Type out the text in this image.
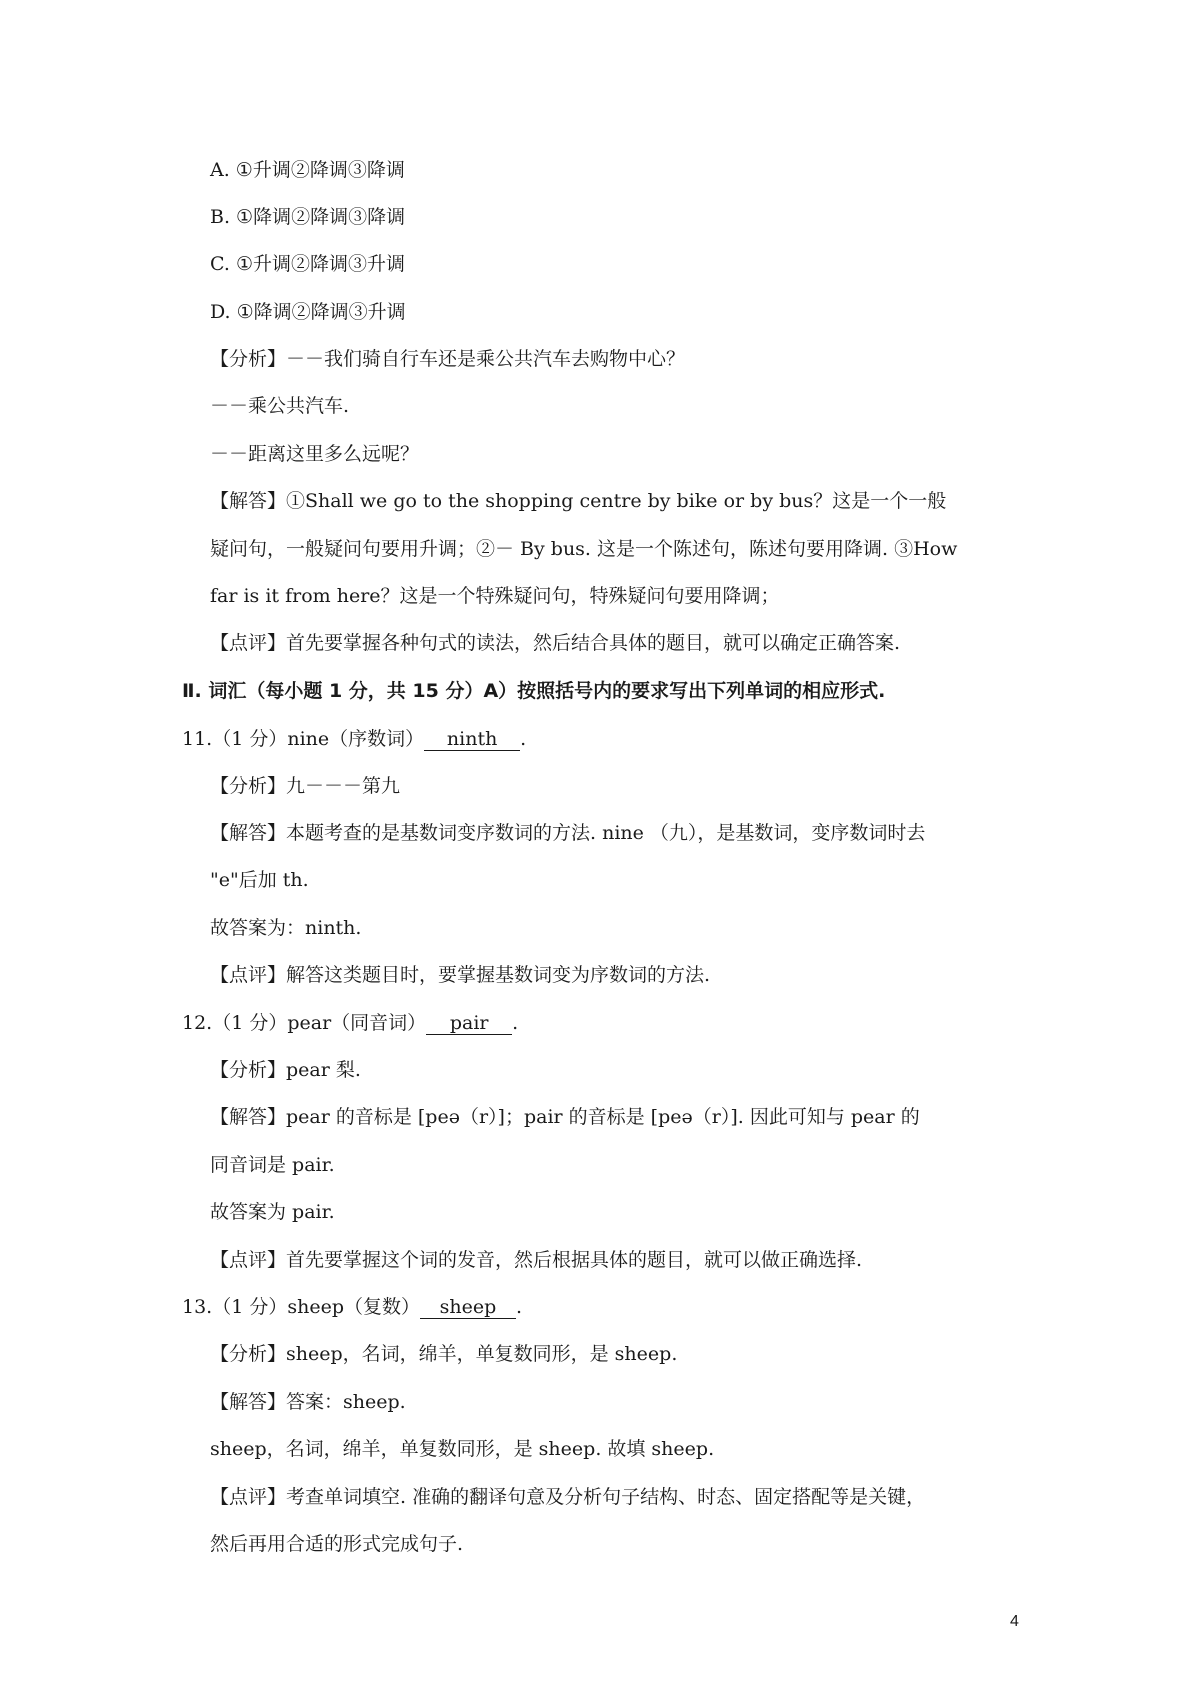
A. ①升调②降调③降调
B. ①降调②降调③降调
C. ①升调②降调③升调
D. ①降调②降调③升调
【分析】－－我们骑自行车还是乘公共汽车去购物中心？
－－乘公共汽车.
－－距离这里多么远呢？
【解答】①Shall we go to the shopping centre by bike or by bus？这是一个一般
疑问句，一般疑问句要用升调；②－ By bus. 这是一个陈述句，陈述句要用降调. ③How
far is it from here？这是一个特殊疑问句，特殊疑问句要用降调；
【点评】首先要掌握各种句式的读法，然后结合具体的题目，就可以确定正确答案.
Ⅱ. 词汇（每小题 1 分，共 15 分）A）按照括号内的要求写出下列单词的相应形式.
11.（1 分）nine（序数词） ninth .
【分析】九－－－第九
【解答】本题考查的是基数词变序数词的方法. nine （九），是基数词，变序数词时去
"e"后加 th.
故答案为：ninth.
【点评】解答这类题目时，要掌握基数词变为序数词的方法.
12.（1 分）pear（同音词） pair .
【分析】pear 梨.
【解答】pear 的音标是 [peə（r）]；pair 的音标是 [peə（r）]. 因此可知与 pear 的
同音词是 pair.
故答案为 pair.
【点评】首先要掌握这个词的发音，然后根据具体的题目，就可以做正确选择.
13.（1 分）sheep（复数） sheep .
【分析】sheep，名词，绵羊，单复数同形，是 sheep.
【解答】答案：sheep.
sheep，名词，绵羊，单复数同形，是 sheep. 故填 sheep.
【点评】考查单词填空. 准确的翻译句意及分析句子结构、时态、固定搭配等是关键，
然后再用合适的形式完成句子.
4
